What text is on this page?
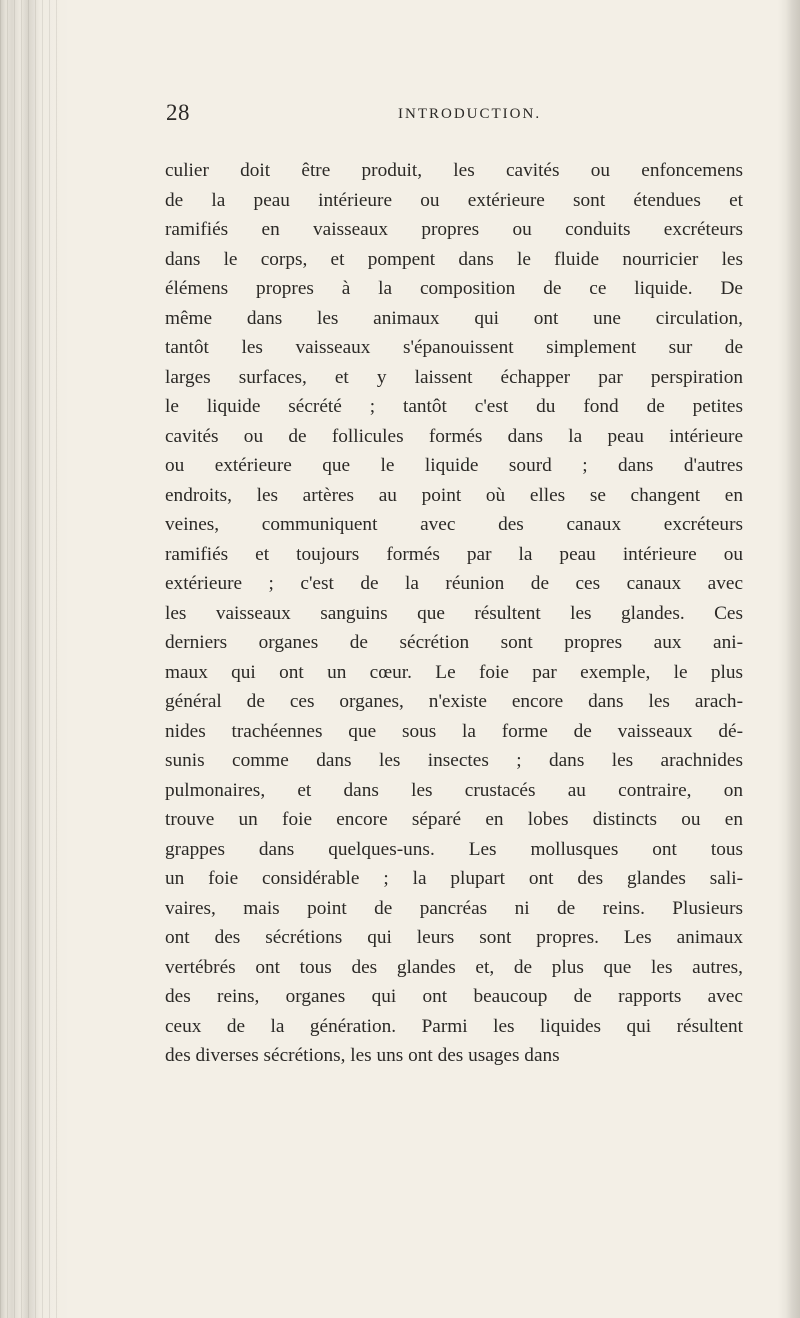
28	INTRODUCTION.
culier doit être produit, les cavités ou enfoncemens
de la peau intérieure ou extérieure sont étendues et
ramifiés en vaisseaux propres ou conduits excréteurs
dans le corps, et pompent dans le fluide nourricier les
élémens propres à la composition de ce liquide. De
même dans les animaux qui ont une circulation,
tantôt les vaisseaux s'épanouissent simplement sur de
larges surfaces, et y laissent échapper par perspiration
le liquide sécrété ; tantôt c'est du fond de petites
cavités ou de follicules formés dans la peau intérieure
ou extérieure que le liquide sourd ; dans d'autres
endroits, les artères au point où elles se changent en
veines, communiquent avec des canaux excréteurs
ramifiés et toujours formés par la peau intérieure ou
extérieure ; c'est de la réunion de ces canaux avec
les vaisseaux sanguins que résultent les glandes. Ces
derniers organes de sécrétion sont propres aux ani-
maux qui ont un cœur. Le foie par exemple, le plus
général de ces organes, n'existe encore dans les arach-
nides trachéennes que sous la forme de vaisseaux dé-
sunis comme dans les insectes ; dans les arachnides
pulmonaires, et dans les crustacés au contraire, on
trouve un foie encore séparé en lobes distincts ou en
grappes dans quelques-uns. Les mollusques ont tous
un foie considérable ; la plupart ont des glandes sali-
vaires, mais point de pancréas ni de reins. Plusieurs
ont des sécrétions qui leurs sont propres. Les animaux
vertébrés ont tous des glandes et, de plus que les autres,
des reins, organes qui ont beaucoup de rapports avec
ceux de la génération. Parmi les liquides qui résultent
des diverses sécrétions, les uns ont des usages dans
